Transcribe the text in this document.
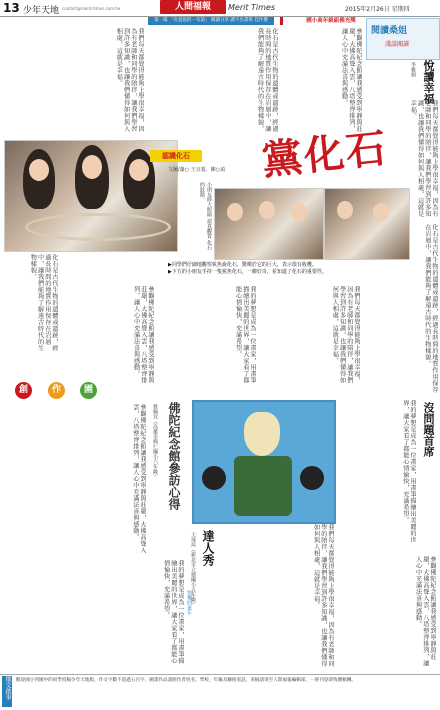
13 少年天地 contact@merit-times.com.tw	人間福報	Merit Times	2015年2月26日 星期四
第一篇 「有意思的一句話」 閱讀分享 讀不出書寫 佳作選	國小高年級組佛光獎
我們每天都覺得能夠上學很幸福，因為有老師和同學的陪伴，讓我們學習到許多知識，也讓我們懂得如何與人相處，這就是幸福。	化石是古代生物的遺體或遺跡，經過長時間的地質作用保存在岩層中，讓我們能夠了解遠古時代的生物樣貌。	參觀佛陀紀念館讓我感受到寧靜與莊嚴，大佛高聳入雲，八塔整齊排列，讓人心中充滿法喜與感動。	閱讀桑姐
淺談閱讀
悅讀幸福
李雅娟
我們每天都覺得能夠上學很幸福，因為有老師和同學的陪伴，讓我們學習到許多知識，也讓我們懂得如何與人相處，這就是幸福。
認識化石
文圖/蕭○ 王宜蓁、陳○禎 黨化石
小朋友睜大眼睛 認真觀賞 化石的紋路。
▶同學們仔細地觀察鯊魚齒化石，驚嘆於它的巨大，表示很有收穫。
▶下方的小朋友手持一隻鯊魚化石，一臉好奇，並知道了化石的重要性。
化石是古代生物的遺體或遺跡，經過長時間的地質作用保存在岩層中，讓我們能夠了解遠古時代的生物樣貌。
參觀佛陀紀念館讓我感受到寧靜與莊嚴，大佛高聳入雲，八塔整齊排列，讓人心中充滿法喜與感動。	我的夢想是成為一位畫家，用畫筆描繪出美麗的世界，讓大家看了都能心情愉快，充滿希望。	我們每天都覺得能夠上學很幸福，因為有老師和同學的陪伴，讓我們學習到許多知識，也讓我們懂得如何與人相處，這就是幸福。	化石是古代生物的遺體或遺跡，經過長時間的地質作用保存在岩層中，讓我們能夠了解遠古時代的生物樣貌。
沒問題首席
我的夢想是成為一位畫家，用畫筆描繪出美麗的世界，讓大家看了都能心情愉快，充滿希望。
創	作	園
佛陀紀念館參訪心得
蔡佩宜（高雄市興仁國小六年級）
參觀佛陀紀念館讓我感受到寧靜與莊嚴，大佛高聳入雲，八塔整齊排列，讓人心中充滿法喜與感動。
我的夢想是成為一位畫家，用畫筆描繪出美麗的世界，讓大家看了都能心情愉快，充滿希望。
達人秀
王琦瑄（新北市立德國小五年級）
快樂的童年	我們每天都覺得能夠上學很幸福，因為有老師和同學的陪伴，讓我們學習到許多知識，也讓我們懂得如何與人相處，這就是幸福。	參觀佛陀紀念館讓我感受到寧靜與莊嚴，大佛高聳入雲，八塔整齊排列，讓人心中充滿法喜與感動。
徵文啟事 歡迎國小到國中的同學投稿少年天地版，作文字數不超過五百字，圖畫作品請附作者姓名、學校、年級及聯絡電話，來稿請寄至人間福報編輯部，一經刊登即致贈稿酬。
